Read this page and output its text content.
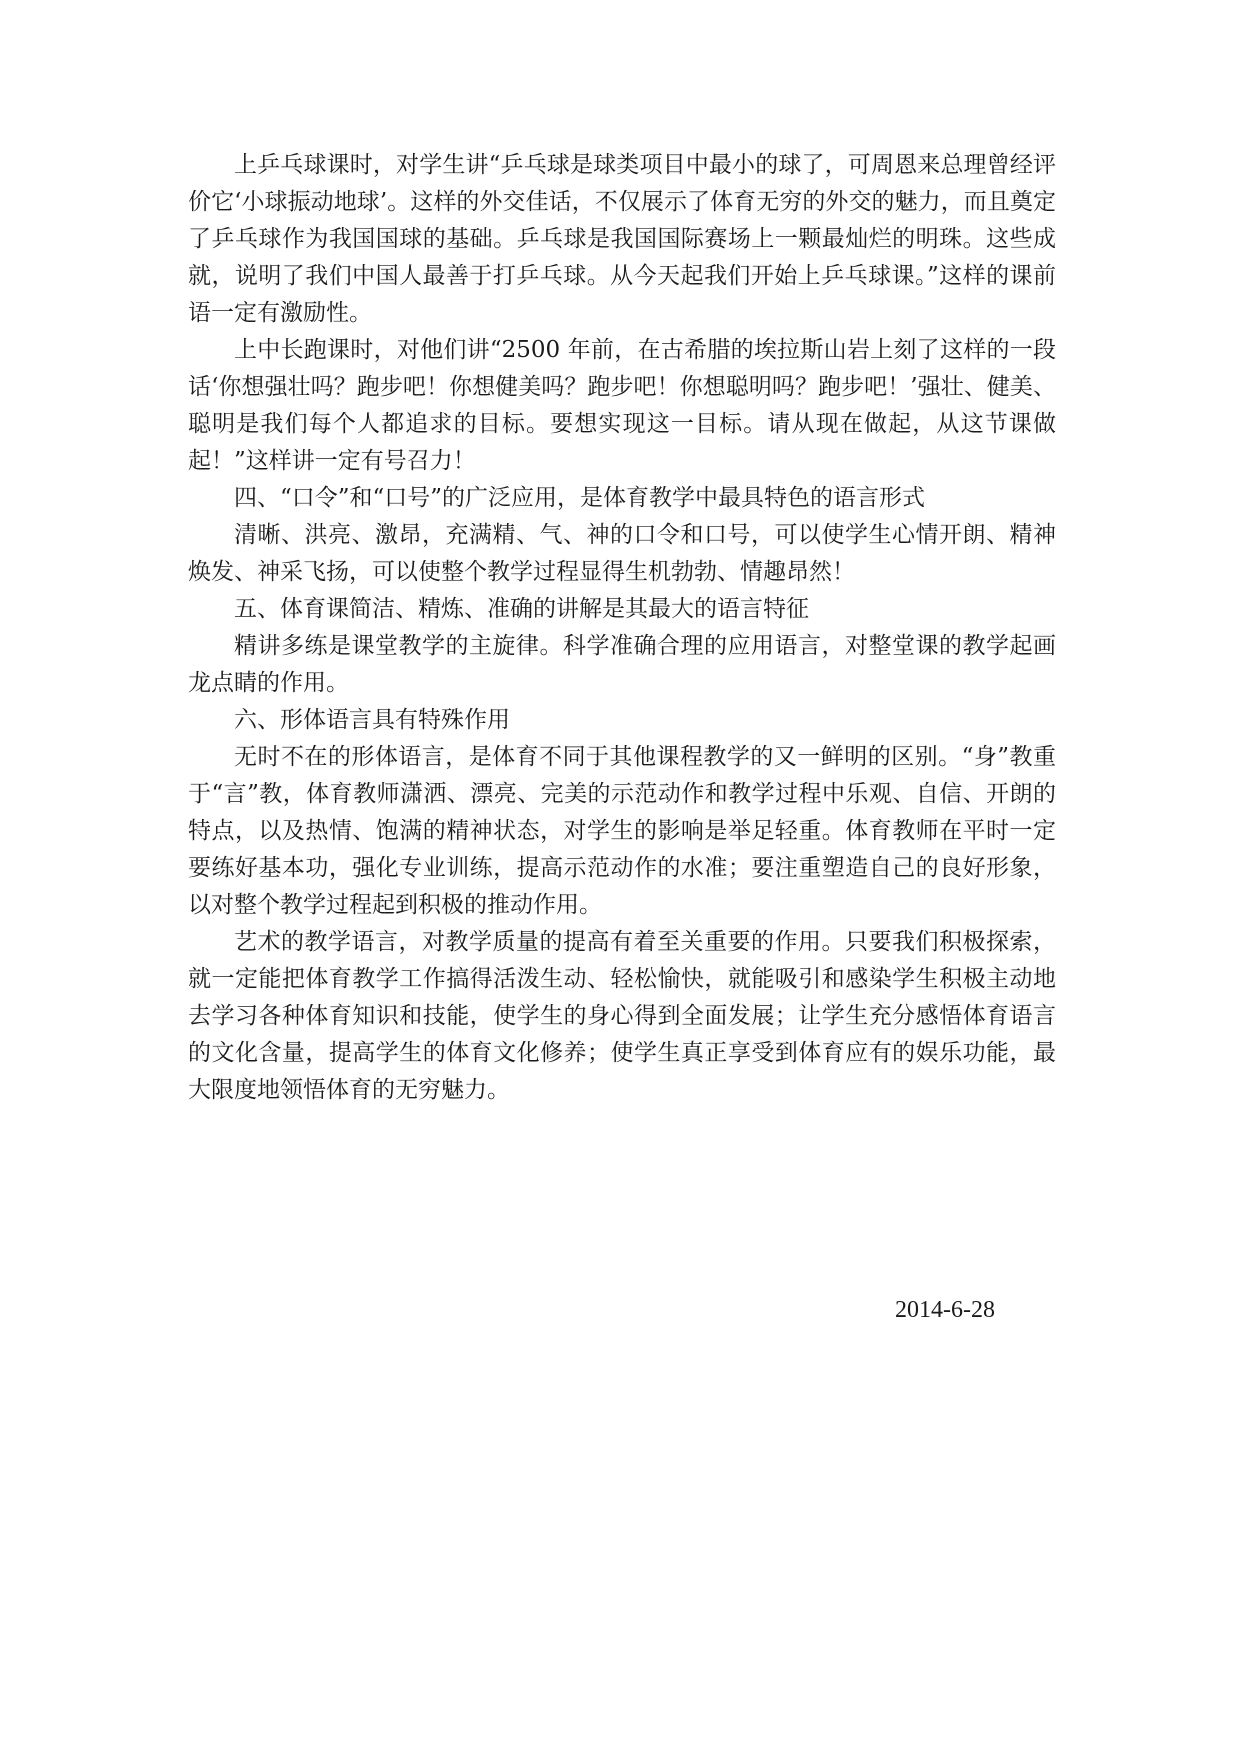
上乒乓球课时，对学生讲“乒乓球是球类项目中最小的球了，可周恩来总理曾经评价它‘小球振动地球’。这样的外交佳话，不仅展示了体育无穷的外交的魅力，而且奠定了乒乓球作为我国国球的基础。乒乓球是我国国际赛场上一颗最灿烂的明珠。这些成就，说明了我们中国人最善于打乒乓球。从今天起我们开始上乒乓球课。”这样的课前语一定有激励性。

上中长跑课时，对他们讲“2500 年前，在古希腊的埃拉斯山岩上刻了这样的一段话‘你想强壮吗？跑步吧！你想健美吗？跑步吧！你想聪明吗？跑步吧！’强壮、健美、聪明是我们每个人都追求的目标。要想实现这一目标。请从现在做起，从这节课做起！”这样讲一定有号召力！

四、“口令”和“口号”的广泛应用，是体育教学中最具特色的语言形式

清晰、洪亮、激昂，充满精、气、神的口令和口号，可以使学生心情开朗、精神焕发、神采飞扬，可以使整个教学过程显得生机勃勃、情趣昂然！

五、体育课简洁、精炼、准确的讲解是其最大的语言特征

精讲多练是课堂教学的主旋律。科学准确合理的应用语言，对整堂课的教学起画龙点睛的作用。

六、形体语言具有特殊作用

无时不在的形体语言，是体育不同于其他课程教学的又一鲜明的区别。“身”教重于“言”教，体育教师潇洒、漂亮、完美的示范动作和教学过程中乐观、自信、开朗的特点，以及热情、饱满的精神状态，对学生的影响是举足轻重。体育教师在平时一定要练好基本功，强化专业训练，提高示范动作的水准；要注重塑造自己的良好形象，以对整个教学过程起到积极的推动作用。

艺术的教学语言，对教学质量的提高有着至关重要的作用。只要我们积极探索，就一定能把体育教学工作搞得活泼生动、轻松愉快，就能吸引和感染学生积极主动地去学习各种体育知识和技能，使学生的身心得到全面发展；让学生充分感悟体育语言的文化含量，提高学生的体育文化修养；使学生真正享受到体育应有的娱乐功能，最大限度地领悟体育的无穷魅力。

2014-6-28
